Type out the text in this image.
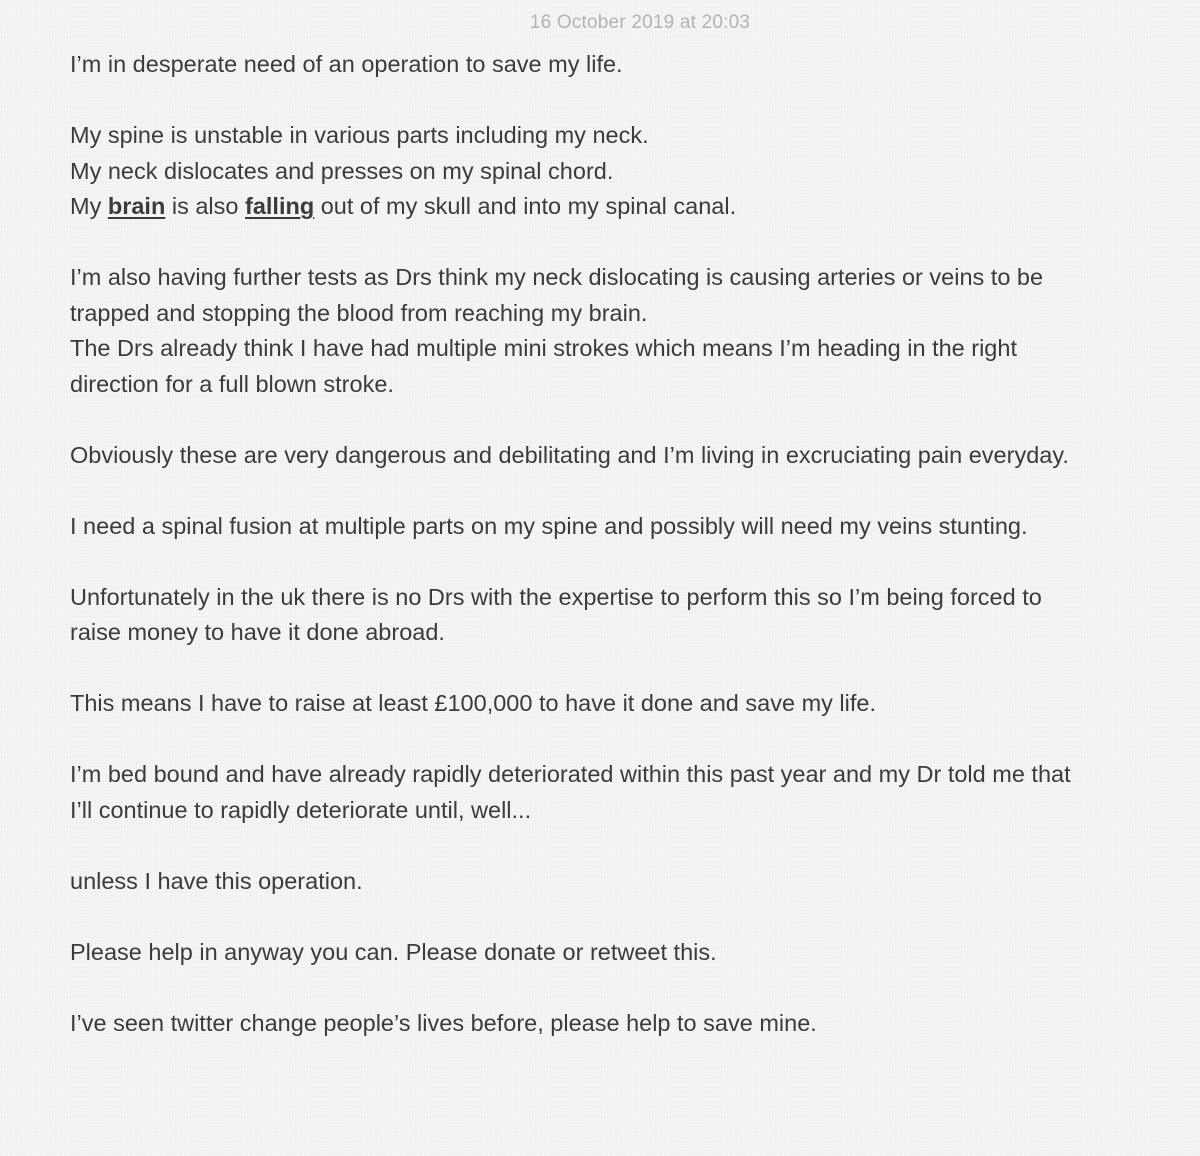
16 October 2019 at 20:03

I’m in desperate need of an operation to save my life.

My spine is unstable in various parts including my neck.

My neck dislocates and presses on my spinal chord.

My brain is also falling out of my skull and into my spinal canal.

I’m also having further tests as Drs think my neck dislocating is causing arteries or veins to be trapped and stopping the blood from reaching my brain.

The Drs already think I have had multiple mini strokes which means I’m heading in the right direction for a full blown stroke.

Obviously these are very dangerous and debilitating and I’m living in excruciating pain everyday.

I need a spinal fusion at multiple parts on my spine and possibly will need my veins stunting.

Unfortunately in the uk there is no Drs with the expertise to perform this so I’m being forced to raise money to have it done abroad.

This means I have to raise at least £100,000 to have it done and save my life.

I’m bed bound and have already rapidly deteriorated within this past year and my Dr told me that I’ll continue to rapidly deteriorate until, well...

unless I have this operation.

Please help in anyway you can. Please donate or retweet this.

I’ve seen twitter change people’s lives before, please help to save mine.
